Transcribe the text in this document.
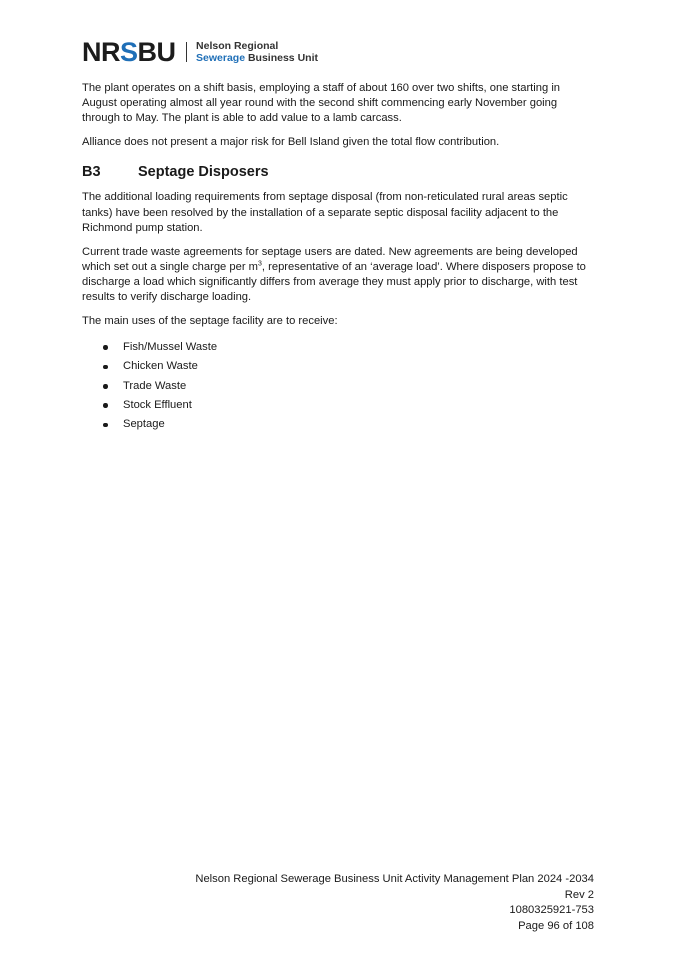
NRSBU Nelson Regional
Sewerage Business Unit

The plant operates on a shift basis, employing a staff of about 160 over two shifts, one starting in August operating almost all year round with the second shift commencing early November going through to May. The plant is able to add value to a lamb carcass.

Alliance does not present a major risk for Bell Island given the total flow contribution.

B3	Septage Disposers

The additional loading requirements from septage disposal (from non-reticulated rural areas septic tanks) have been resolved by the installation of a separate septic disposal facility adjacent to the Richmond pump station.

Current trade waste agreements for septage users are dated. New agreements are being developed which set out a single charge per $m^3$, representative of an ‘average load’. Where disposers propose to discharge a load which significantly differs from average they must apply prior to discharge, with test results to verify discharge loading.

The main uses of the septage facility are to receive:

Fish/Mussel Waste
Chicken Waste
Trade Waste
Stock Effluent
Septage
Nelson Regional Sewerage Business Unit Activity Management Plan 2024 -2034
Rev 2
1080325921-753
Page 96 of 108
